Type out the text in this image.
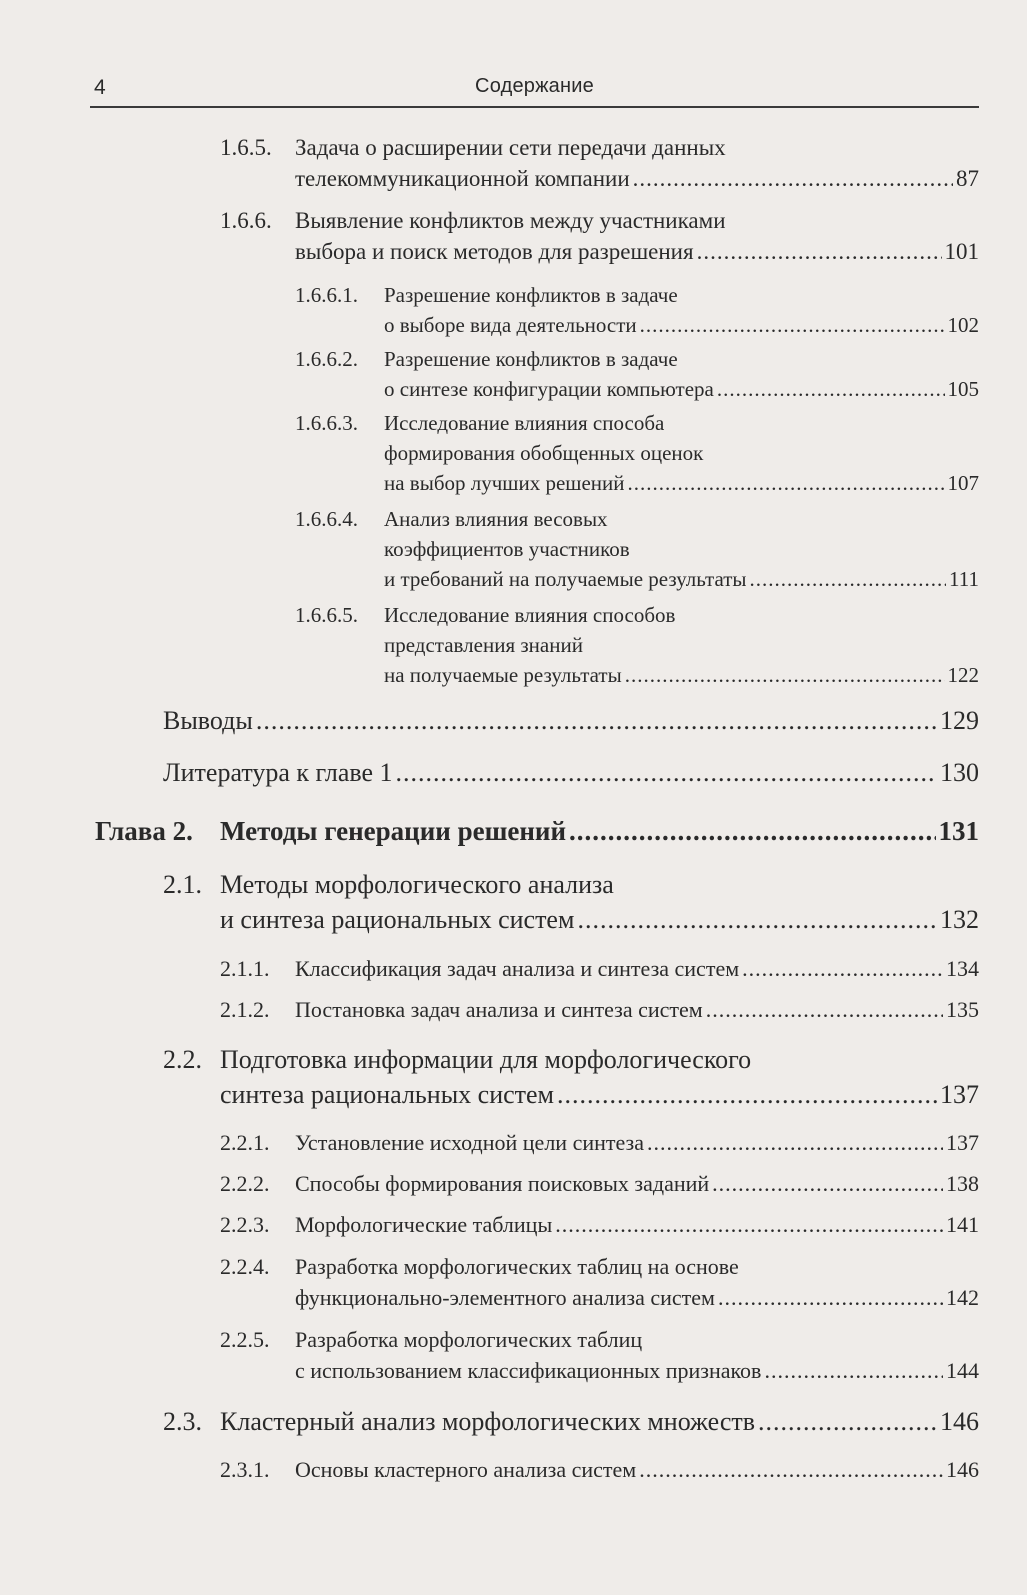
4	Содержание
1.6.5. Задача о расширении сети передачи данных
телекоммуникационной компании .....	87
1.6.6. Выявление конфликтов между участниками
выбора и поиск методов для разрешения .....	101
1.6.6.1. Разрешение конфликтов в задаче
о выборе вида деятельности .....	102
1.6.6.2. Разрешение конфликтов в задаче
о синтезе конфигурации компьютера .....	105
1.6.6.3. Исследование влияния способа
формирования обобщенных оценок
на выбор лучших решений .....	107
1.6.6.4. Анализ влияния весовых
коэффициентов участников
и требований на получаемые результаты .....	111
1.6.6.5. Исследование влияния способов
представления знаний
на получаемые результаты .....	122
Выводы .....	129
Литература к главе 1 .....	130
Глава 2. Методы генерации решений .....	131
2.1. Методы морфологического анализа
и синтеза рациональных систем .....	132
2.1.1. Классификация задач анализа и синтеза систем .....	134
2.1.2. Постановка задач анализа и синтеза систем .....	135
2.2. Подготовка информации для морфологического
синтеза рациональных систем .....	137
2.2.1. Установление исходной цели синтеза .....	137
2.2.2. Способы формирования поисковых заданий .....	138
2.2.3. Морфологические таблицы .....	141
2.2.4. Разработка морфологических таблиц на основе
функционально-элементного анализа систем .....	142
2.2.5. Разработка морфологических таблиц
с использованием классификационных признаков .....	144
2.3. Кластерный анализ морфологических множеств .....	146
2.3.1. Основы кластерного анализа систем .....	146
